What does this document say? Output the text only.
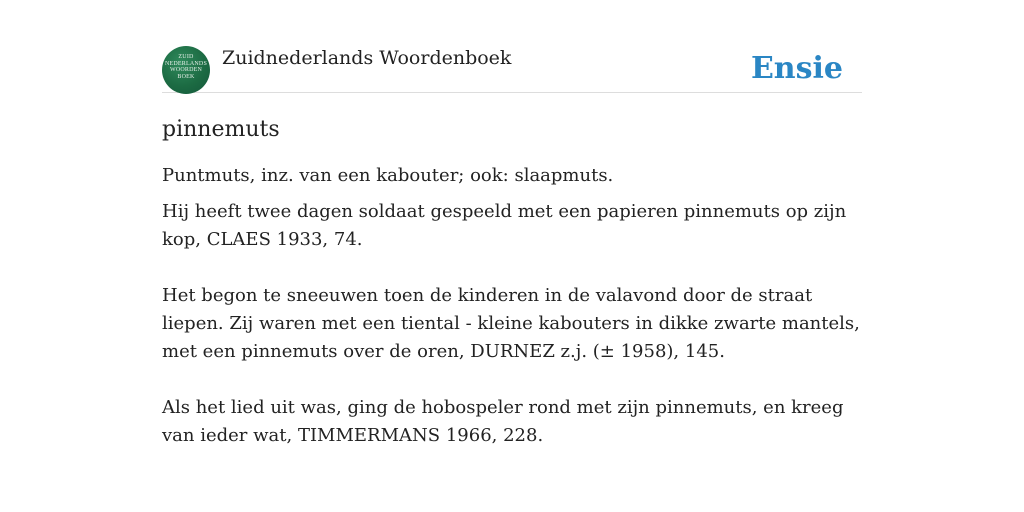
ZUID
NEDERLANDS
WOORDEN
BOEK
Zuidnederlands Woordenboek	Ensie
pinnemuts

Puntmuts, inz. van een kabouter; ook: slaapmuts.

Hij heeft twee dagen soldaat gespeeld met een papieren pinnemuts op zijn kop, CLAES 1933, 74.
Het begon te sneeuwen toen de kinderen in de valavond door de straat liepen. Zij waren met een tiental - kleine kabouters in dikke zwarte mantels, met een pinnemuts over de oren, DURNEZ z.j. (± 1958), 145.
Als het lied uit was, ging de hobospeler rond met zijn pinnemuts, en kreeg van ieder wat, TIMMERMANS 1966, 228.
